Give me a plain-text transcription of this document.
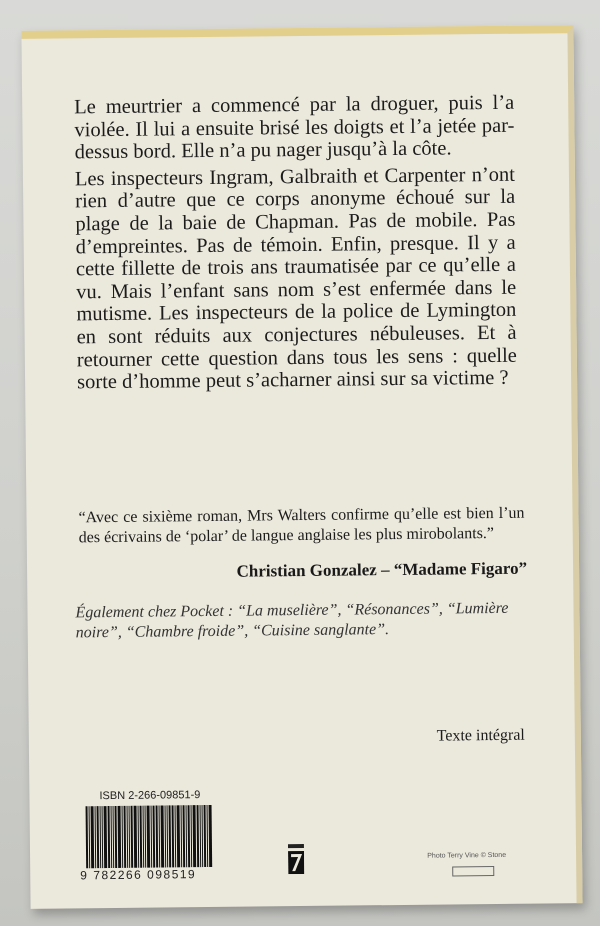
Le meurtrier a commencé par la droguer, puis l’a violée. Il lui a ensuite brisé les doigts et l’a jetée par-dessus bord. Elle n’a pu nager jusqu’à la côte.

Les inspecteurs Ingram, Galbraith et Carpenter n’ont rien d’autre que ce corps anonyme échoué sur la plage de la baie de Chapman. Pas de mobile. Pas d’empreintes. Pas de témoin. Enfin, presque. Il y a cette fillette de trois ans traumatisée par ce qu’elle a vu. Mais l’enfant sans nom s’est enfermée dans le mutisme. Les inspecteurs de la police de Lymington en sont réduits aux conjectures nébuleuses. Et à retourner cette question dans tous les sens : quelle sorte d’homme peut s’acharner ainsi sur sa victime ?

“Avec ce sixième roman, Mrs Walters confirme qu’elle est bien l’un des écrivains de ‘polar’ de langue anglaise les plus mirobolants.”
Christian Gonzalez – “Madame Figaro”
Également chez Pocket : “La muselière”, “Résonances”, “Lumière noire”, “Chambre froide”, “Cuisine sanglante”.
Texte intégral
ISBN 2-266-09851-9
9 782266 098519
Photo Terry Vine © Stone
